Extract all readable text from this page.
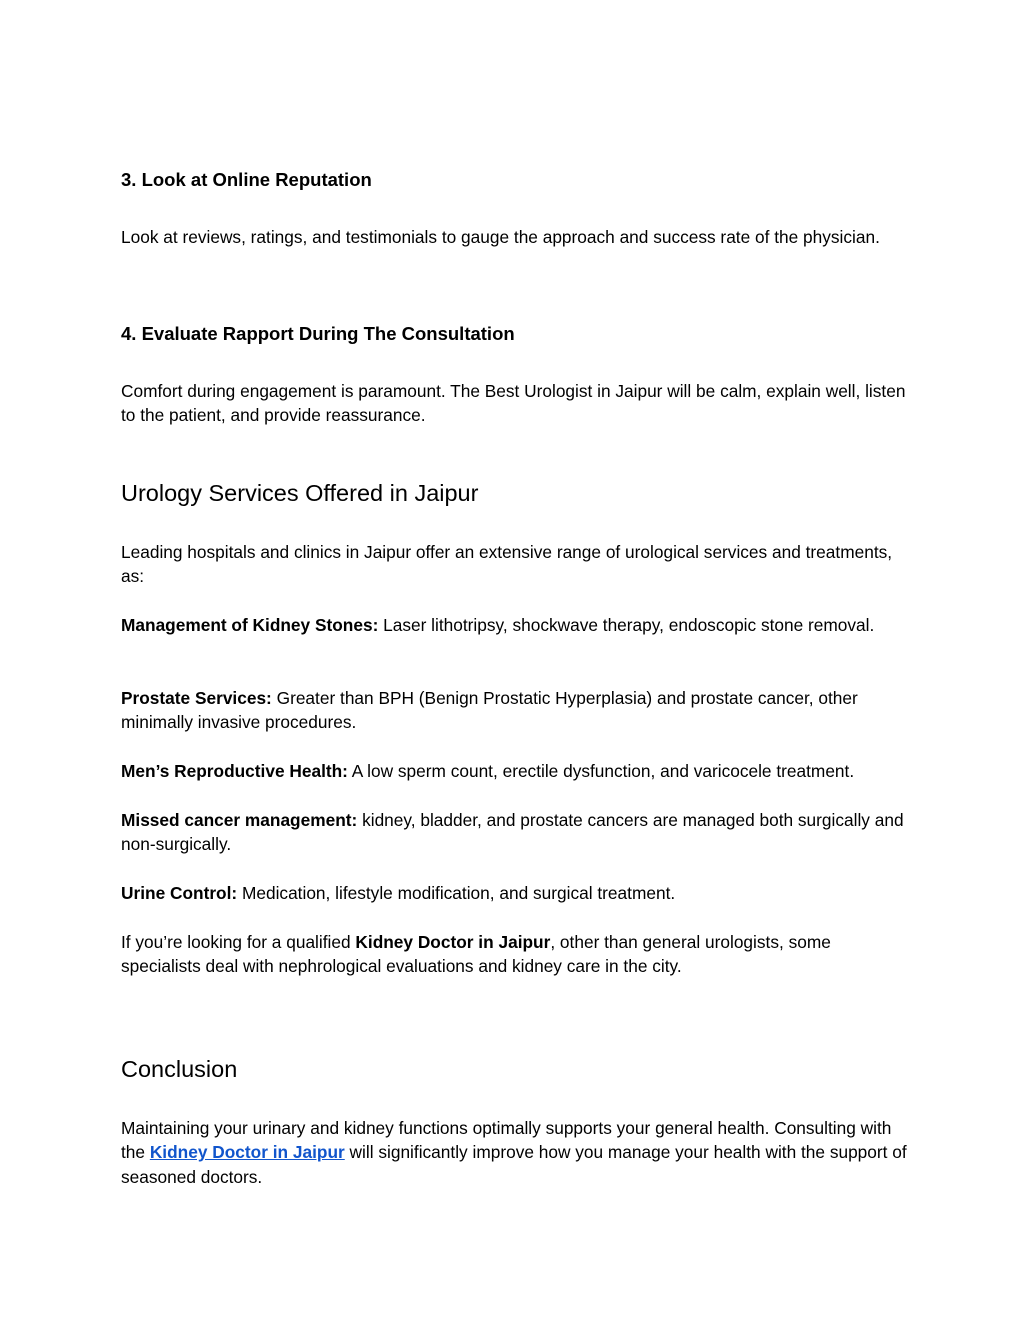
3. Look at Online Reputation

Look at reviews, ratings, and testimonials to gauge the approach and success rate of the physician.

4. Evaluate Rapport During The Consultation

Comfort during engagement is paramount. The Best Urologist in Jaipur will be calm, explain well, listen to the patient, and provide reassurance.

Urology Services Offered in Jaipur

Leading hospitals and clinics in Jaipur offer an extensive range of urological services and treatments, as:

Management of Kidney Stones: Laser lithotripsy, shockwave therapy, endoscopic stone removal.

Prostate Services: Greater than BPH (Benign Prostatic Hyperplasia) and prostate cancer, other minimally invasive procedures.

Men’s Reproductive Health: A low sperm count, erectile dysfunction, and varicocele treatment.

Missed cancer management: kidney, bladder, and prostate cancers are managed both surgically and non-surgically.

Urine Control: Medication, lifestyle modification, and surgical treatment.

If you’re looking for a qualified Kidney Doctor in Jaipur, other than general urologists, some specialists deal with nephrological evaluations and kidney care in the city.

Conclusion

Maintaining your urinary and kidney functions optimally supports your general health. Consulting with the Kidney Doctor in Jaipur will significantly improve how you manage your health with the support of seasoned doctors.
